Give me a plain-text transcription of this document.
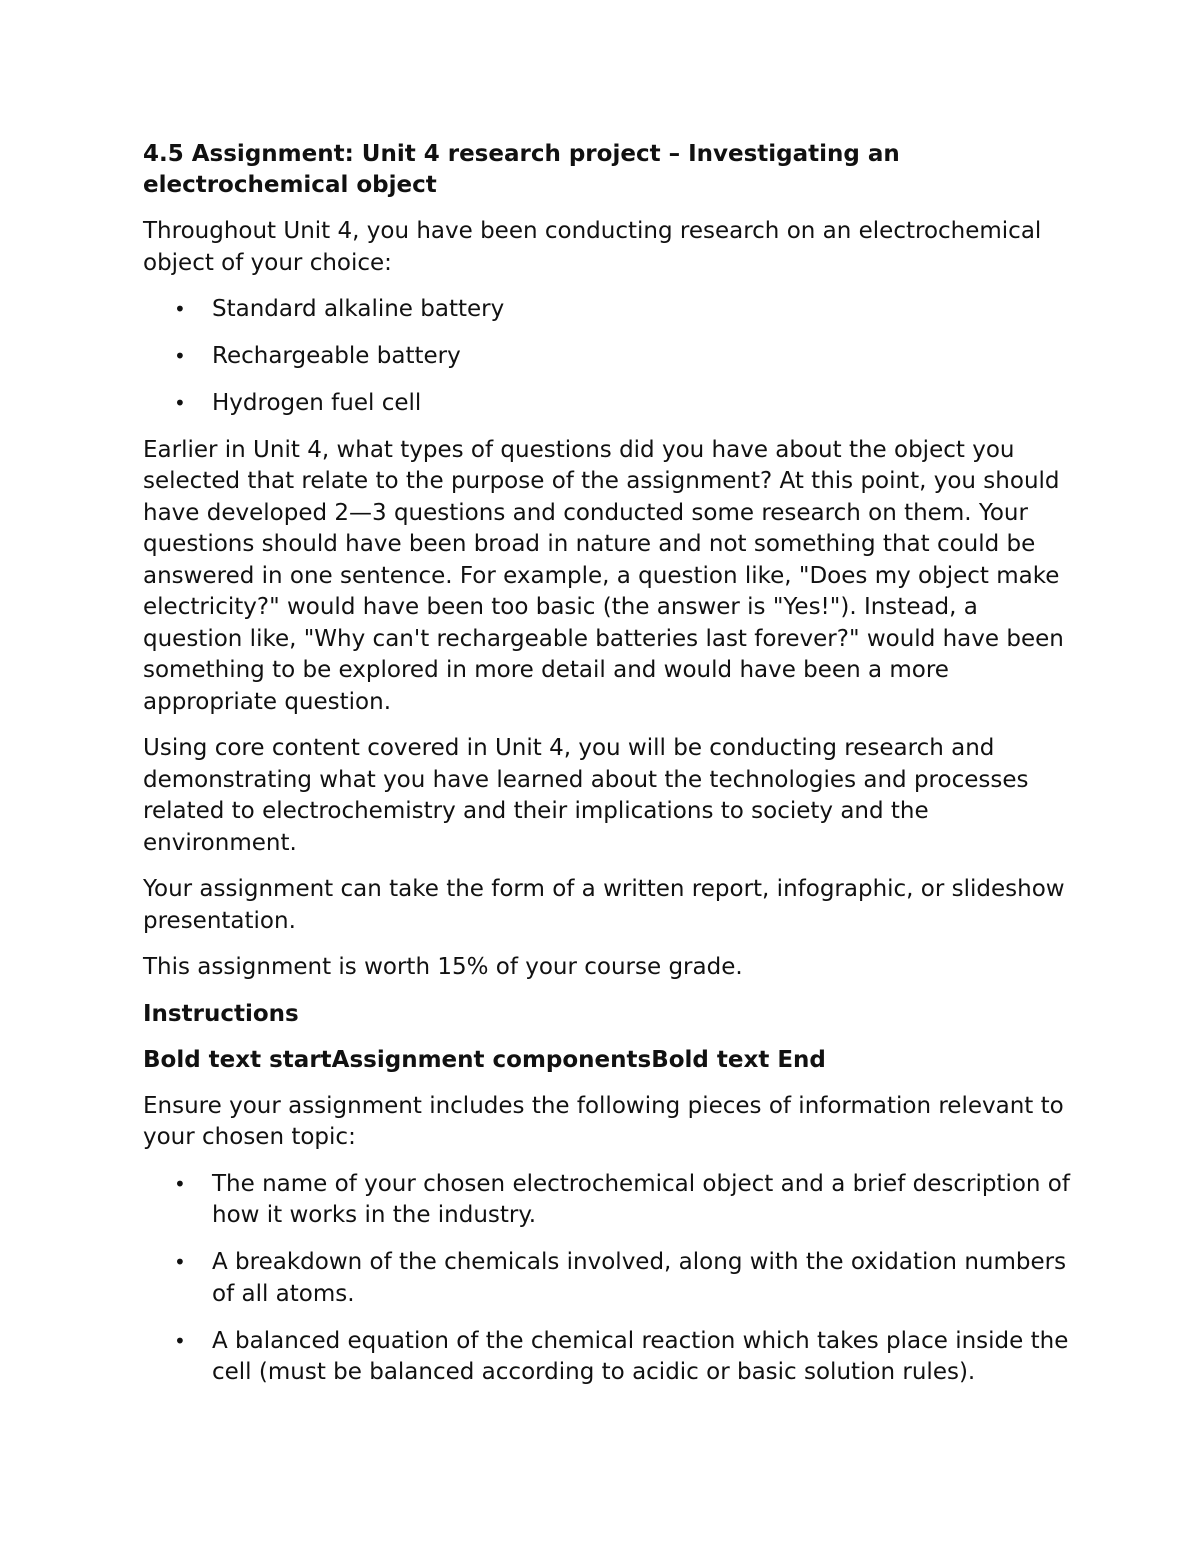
4.5 Assignment: Unit 4 research project – Investigating an electrochemical object

Throughout Unit 4, you have been conducting research on an electrochemical object of your choice:

• Standard alkaline battery
• Rechargeable battery
• Hydrogen fuel cell

Earlier in Unit 4, what types of questions did you have about the object you selected that relate to the purpose of the assignment? At this point, you should have developed 2—3 questions and conducted some research on them. Your questions should have been broad in nature and not something that could be answered in one sentence. For example, a question like, "Does my object make electricity?" would have been too basic (the answer is "Yes!"). Instead, a question like, "Why can't rechargeable batteries last forever?" would have been something to be explored in more detail and would have been a more appropriate question.

Using core content covered in Unit 4, you will be conducting research and demonstrating what you have learned about the technologies and processes related to electrochemistry and their implications to society and the environment.

Your assignment can take the form of a written report, infographic, or slideshow presentation.

This assignment is worth 15% of your course grade.

Instructions
Bold text startAssignment componentsBold text End

Ensure your assignment includes the following pieces of information relevant to your chosen topic:

• The name of your chosen electrochemical object and a brief description of how it works in the industry.
• A breakdown of the chemicals involved, along with the oxidation numbers of all atoms.
• A balanced equation of the chemical reaction which takes place inside the cell (must be balanced according to acidic or basic solution rules).
